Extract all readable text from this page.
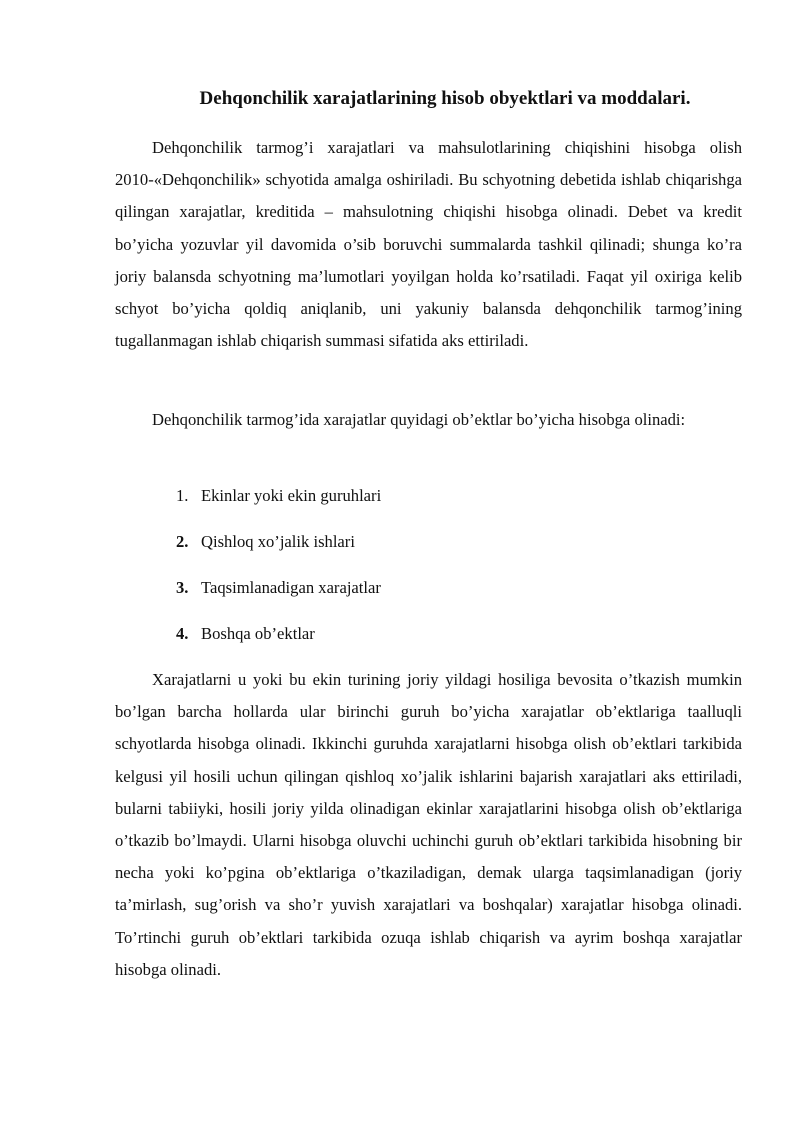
Dehqonchilik xarajatlarining hisob obyektlari va moddalari.

Dehqonchilik tarmog’i xarajatlari va mahsulotlarining chiqishini hisobga olish 2010-«Dehqonchilik» schyotida amalga oshiriladi. Bu schyotning debetida ishlab chiqarishga qilingan xarajatlar, kreditida – mahsulotning chiqishi hisobga olinadi. Debet va kredit bo’yicha yozuvlar yil davomida o’sib boruvchi summalarda tashkil qilinadi; shunga ko’ra joriy balansda schyotning ma’lumotlari yoyilgan holda ko’rsatiladi. Faqat yil oxiriga kelib schyot bo’yicha qoldiq aniqlanib, uni yakuniy balansda dehqonchilik tarmog’ining tugallanmagan ishlab chiqarish summasi sifatida aks ettiriladi.

Dehqonchilik tarmog’ida xarajatlar quyidagi ob’ektlar bo’yicha hisobga olinadi:

1. Ekinlar yoki ekin guruhlari
2. Qishloq xo’jalik ishlari
3. Taqsimlanadigan xarajatlar
4. Boshqa ob’ektlar

Xarajatlarni u yoki bu ekin turining joriy yildagi hosiliga bevosita o’tkazish mumkin bo’lgan barcha hollarda ular birinchi guruh bo’yicha xarajatlar ob’ektlariga taalluqli schyotlarda hisobga olinadi. Ikkinchi guruhda xarajatlarni hisobga olish ob’ektlari tarkibida kelgusi yil hosili uchun qilingan qishloq xo’jalik ishlarini bajarish xarajatlari aks ettiriladi, bularni tabiiyki, hosili joriy yilda olinadigan ekinlar xarajatlarini hisobga olish ob’ektlariga o’tkazib bo’lmaydi. Ularni hisobga oluvchi uchinchi guruh ob’ektlari tarkibida hisobning bir necha yoki ko’pgina ob’ektlariga o’tkaziladigan, demak ularga taqsimlanadigan (joriy ta’mirlash, sug’orish va sho’r yuvish xarajatlari va boshqalar) xarajatlar hisobga olinadi. To’rtinchi guruh ob’ektlari tarkibida ozuqa ishlab chiqarish va ayrim boshqa xarajatlar hisobga olinadi.
